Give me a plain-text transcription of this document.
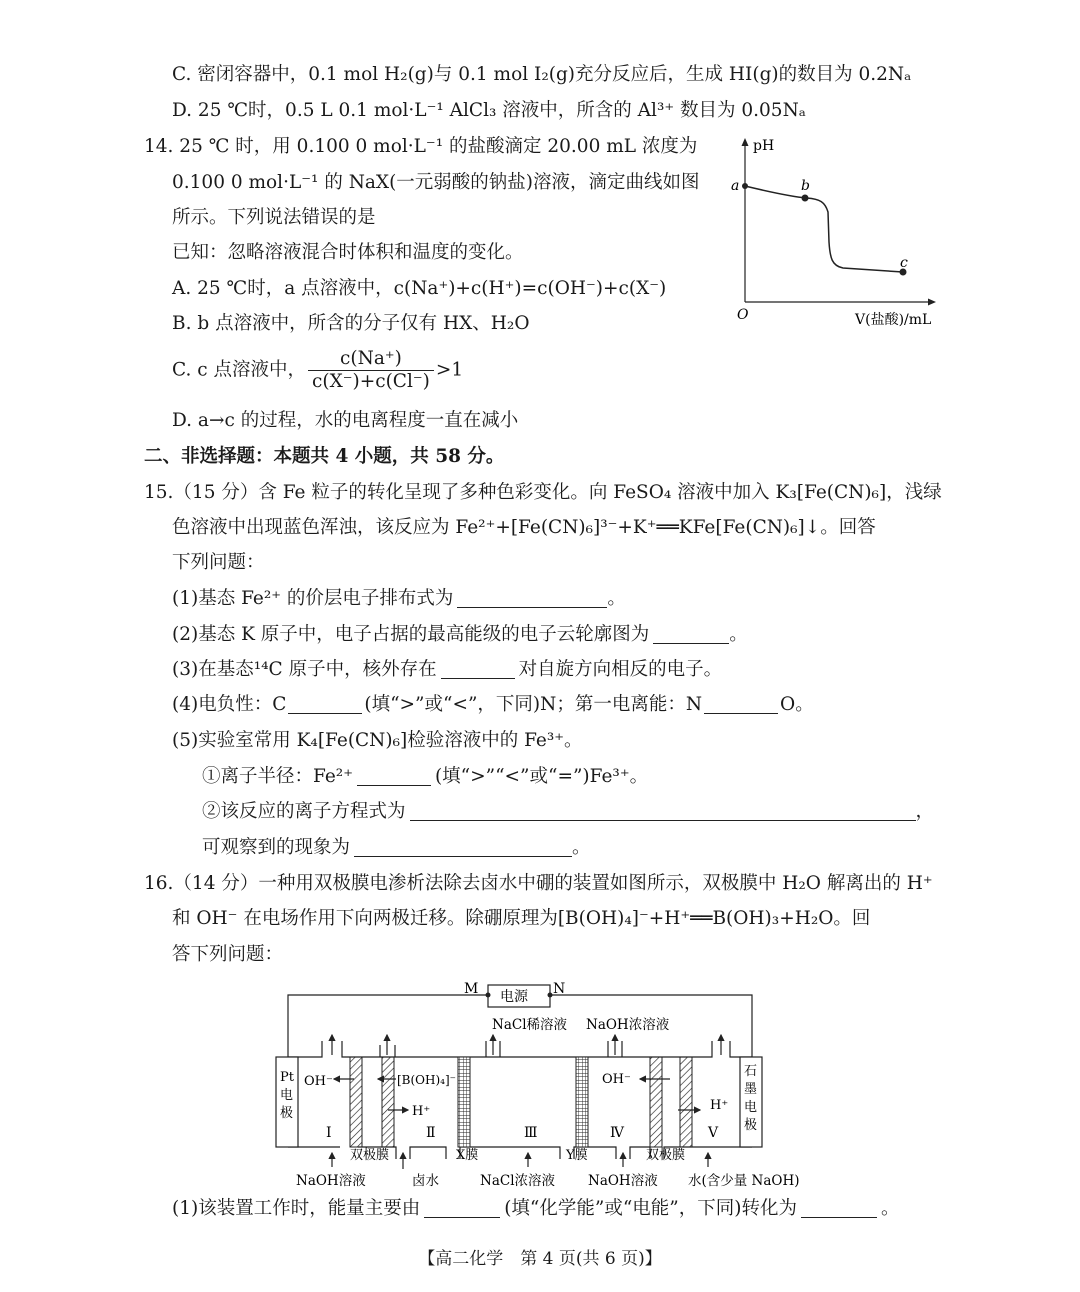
C. 密闭容器中，0.1 mol H₂(g)与 0.1 mol I₂(g)充分反应后，生成 HI(g)的数目为 0.2Nₐ
D. 25 ℃时，0.5 L 0.1 mol·L⁻¹ AlCl₃ 溶液中，所含的 Al³⁺ 数目为 0.05Nₐ
14. 25 ℃ 时，用 0.100 0 mol·L⁻¹ 的盐酸滴定 20.00 mL 浓度为
0.100 0 mol·L⁻¹ 的 NaX(一元弱酸的钠盐)溶液，滴定曲线如图
所示。下列说法错误的是
已知：忽略溶液混合时体积和温度的变化。
A. 25 ℃时，a 点溶液中，c(Na⁺)+c(H⁺)=c(OH⁻)+c(X⁻)
B. b 点溶液中，所含的分子仅有 HX、H₂O
C. c 点溶液中， $\frac{c(Na^+)}{c(X^-)+c(Cl^-)} >1$
D. a→c 的过程，水的电离程度一直在减小
pH
a	b
c
O	V(盐酸)/mL
二、非选择题：本题共 4 小题，共 58 分。
15.（15 分）含 Fe 粒子的转化呈现了多种色彩变化。向 FeSO₄ 溶液中加入 K₃[Fe(CN)₆]，浅绿
色溶液中出现蓝色浑浊，该反应为 Fe²⁺+[Fe(CN)₆]³⁻+K⁺══KFe[Fe(CN)₆]↓。回答
下列问题：
(1)基态 Fe²⁺ 的价层电子排布式为	。
(2)基态 K 原子中，电子占据的最高能级的电子云轮廓图为	。
(3)在基态¹⁴C 原子中，核外存在	对自旋方向相反的电子。
(4)电负性：C	(填“>”或“<”，下同)N；第一电离能：N	O。
(5)实验室常用 K₄[Fe(CN)₆]检验溶液中的 Fe³⁺。
①离子半径：Fe²⁺	(填“>”“<”或“=”)Fe³⁺。
②该反应的离子方程式为	，
可观察到的现象为	。
16.（14 分）一种用双极膜电渗析法除去卤水中硼的装置如图所示，双极膜中 H₂O 解离出的 H⁺
和 OH⁻ 在电场作用下向两极迁移。除硼原理为[B(OH)₄]⁻+H⁺══B(OH)₃+H₂O。回
答下列问题：
电源
M	N
Pt
电
极
石
墨
电
极
OH⁻	[B(OH)₄]⁻
H⁺
OH⁻
H⁺
NaCl稀溶液 NaOH浓溶液
Ⅰ	Ⅱ	Ⅲ	Ⅳ	Ⅴ
双极膜	X膜	Y膜	双极膜
NaOH溶液	卤水	NaCl浓溶液 NaOH溶液 水(含少量 NaOH)
(1)该装置工作时，能量主要由	(填“化学能”或“电能”，下同)转化为	。
【高二化学　第 4 页(共 6 页)】
